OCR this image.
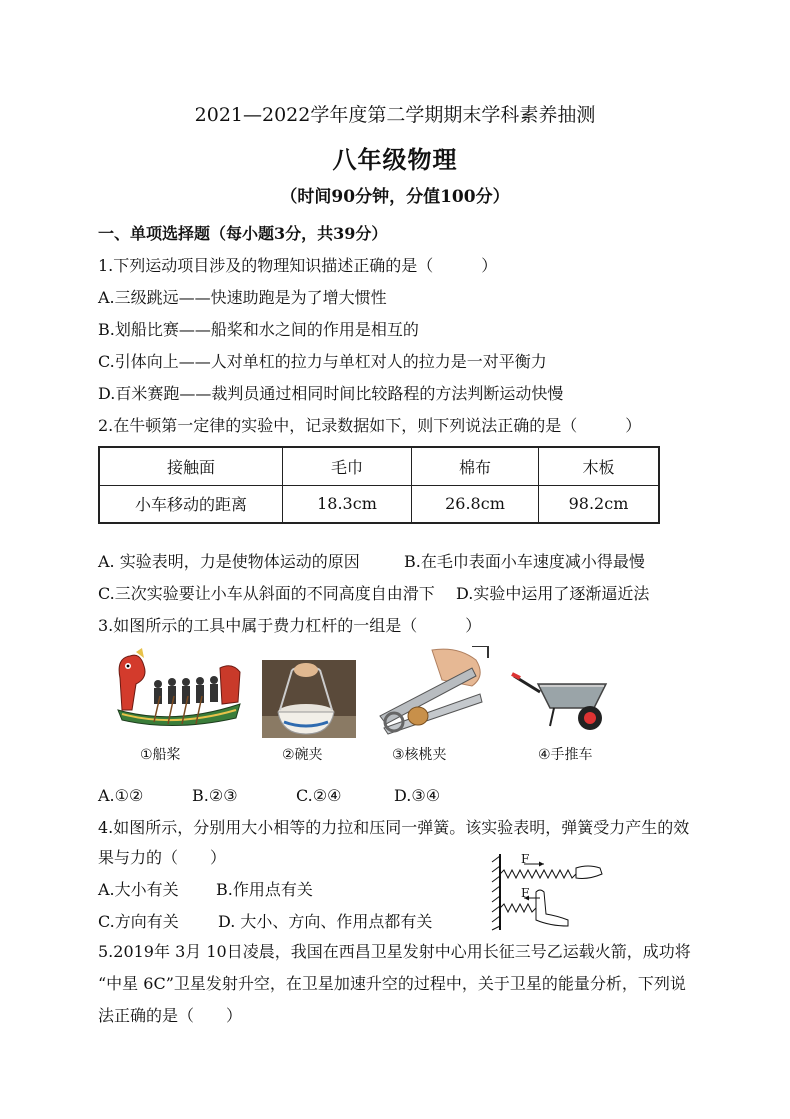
2021—2022学年度第二学期期末学科素养抽测
八年级物理
（时间90分钟，分值100分）
一、单项选择题（每小题3分，共39分）
1.下列运动项目涉及的物理知识描述正确的是（　　　）
A.三级跳远——快速助跑是为了增大惯性
B.划船比赛——船桨和水之间的作用是相互的
C.引体向上——人对单杠的拉力与单杠对人的拉力是一对平衡力
D.百米赛跑——裁判员通过相同时间比较路程的方法判断运动快慢
2.在牛顿第一定律的实验中，记录数据如下，则下列说法正确的是（　　　）
接触面	毛巾	棉布	木板
小车移动的距离	18.3cm	26.8cm	98.2cm
A. 实验表明，力是使物体运动的原因	B.在毛巾表面小车速度减小得最慢
C.三次实验要让小车从斜面的不同高度自由滑下 D.实验中运用了逐渐逼近法
3.如图所示的工具中属于费力杠杆的一组是（　　　）
①船桨	②碗夹	③核桃夹	④手推车
A.①②	B.②③	C.②④	D.③④
4.如图所示，分别用大小相等的力拉和压同一弹簧。该实验表明，弹簧受力产生的效
果与力的（　　）
A.大小有关 B.作用点有关
C.方向有关 D. 大小、方向、作用点都有关
F
F
5.2019年 3月 10日凌晨，我国在西昌卫星发射中心用长征三号乙运载火箭，成功将
“中星 6C”卫星发射升空，在卫星加速升空的过程中，关于卫星的能量分析，下列说
法正确的是（　　）
